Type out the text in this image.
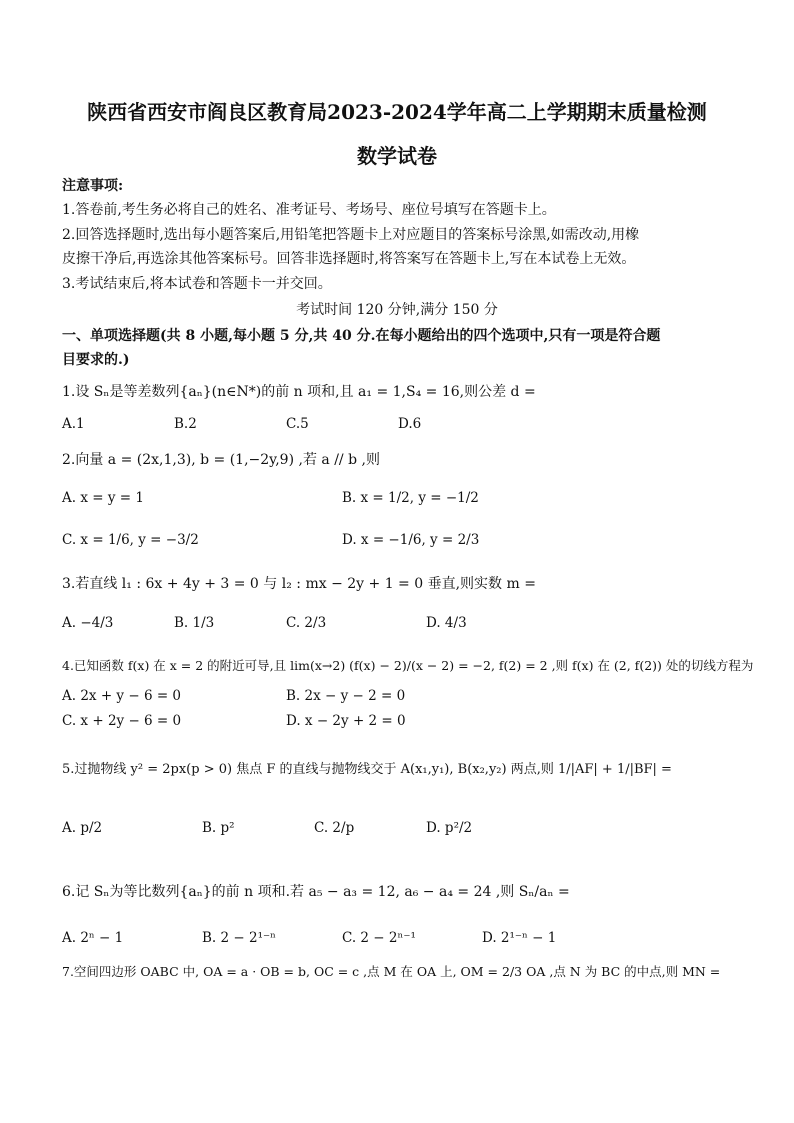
陕西省西安市阎良区教育局2023-2024学年高二上学期期末质量检测
数学试卷
注意事项:
1.答卷前,考生务必将自己的姓名、准考证号、考场号、座位号填写在答题卡上。
2.回答选择题时,选出每小题答案后,用铅笔把答题卡上对应题目的答案标号涂黑,如需改动,用橡
皮擦干净后,再选涂其他答案标号。回答非选择题时,将答案写在答题卡上,写在本试卷上无效。
3.考试结束后,将本试卷和答题卡一并交回。
考试时间 120 分钟,满分 150 分
一、单项选择题(共 8 小题,每小题 5 分,共 40 分.在每小题给出的四个选项中,只有一项是符合题
目要求的.)
1.设 Sₙ是等差数列{aₙ}(n∈N*)的前 n 项和,且 a₁ = 1,S₄ = 16,则公差 d =
A.1	B.2	C.5	D.6
2.向量 a = (2x,1,3), b = (1,−2y,9) ,若 a // b ,则
A. x = y = 1	B. x = 1/2, y = −1/2
C. x = 1/6, y = −3/2	D. x = −1/6, y = 2/3
3.若直线 l₁ : 6x + 4y + 3 = 0 与 l₂ : mx − 2y + 1 = 0 垂直,则实数 m =
A. −4/3	B. 1/3	C. 2/3	D. 4/3
4.已知函数 f(x) 在 x = 2 的附近可导,且 lim(x→2) (f(x) − 2)/(x − 2) = −2, f(2) = 2 ,则 f(x) 在 (2, f(2)) 处的切线方程为
A. 2x + y − 6 = 0	B. 2x − y − 2 = 0
C. x + 2y − 6 = 0	D. x − 2y + 2 = 0
5.过抛物线 y² = 2px(p > 0) 焦点 F 的直线与抛物线交于 A(x₁,y₁), B(x₂,y₂) 两点,则 1/|AF| + 1/|BF| =
A. p/2	B. p²	C. 2/p	D. p²/2
6.记 Sₙ为等比数列{aₙ}的前 n 项和.若 a₅ − a₃ = 12, a₆ − a₄ = 24 ,则 Sₙ/aₙ =
A. 2ⁿ − 1	B. 2 − 2¹⁻ⁿ	C. 2 − 2ⁿ⁻¹	D. 2¹⁻ⁿ − 1
7.空间四边形 OABC 中, OA = a · OB = b, OC = c ,点 M 在 OA 上, OM = 2/3 OA ,点 N 为 BC 的中点,则 MN =
